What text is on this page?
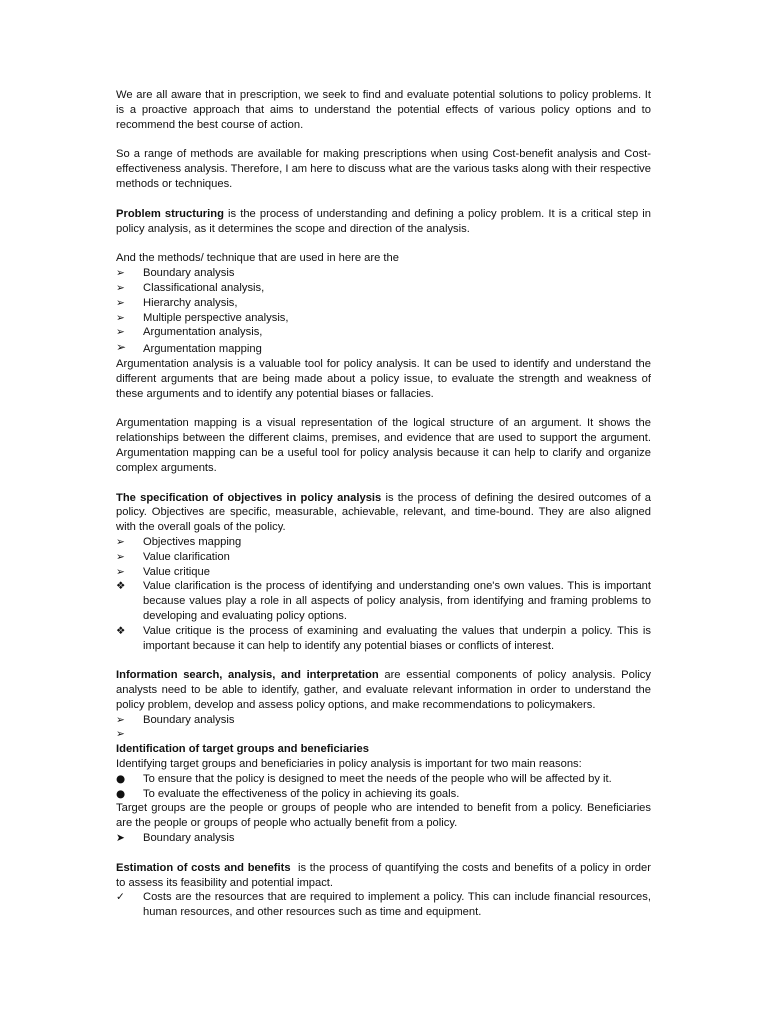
We are all aware that in prescription, we seek to find and evaluate potential solutions to policy problems. It is a proactive approach that aims to understand the potential effects of various policy options and to recommend the best course of action.

So a range of methods are available for making prescriptions when using Cost-benefit analysis and Cost-effectiveness analysis. Therefore, I am here to discuss what are the various tasks along with their respective methods or techniques.

Problem structuring is the process of understanding and defining a policy problem. It is a critical step in policy analysis, as it determines the scope and direction of the analysis.

And the methods/ technique that are used in here are the

➢	Boundary analysis
➢	Classificational analysis,
➢	Hierarchy analysis,
➢	Multiple perspective analysis,
➢	Argumentation analysis,
➢	Argumentation mapping

Argumentation analysis is a valuable tool for policy analysis. It can be used to identify and understand the different arguments that are being made about a policy issue, to evaluate the strength and weakness of these arguments and to identify any potential biases or fallacies.

Argumentation mapping is a visual representation of the logical structure of an argument. It shows the relationships between the different claims, premises, and evidence that are used to support the argument. Argumentation mapping can be a useful tool for policy analysis because it can help to clarify and organize complex arguments.

The specification of objectives in policy analysis is the process of defining the desired outcomes of a policy. Objectives are specific, measurable, achievable, relevant, and time-bound. They are also aligned with the overall goals of the policy.

➢	Objectives mapping
➢	Value clarification
➢	Value critique
❖	Value clarification is the process of identifying and understanding one's own values. This is important because values play a role in all aspects of policy analysis, from identifying and framing problems to developing and evaluating policy options.
❖	Value critique is the process of examining and evaluating the values that underpin a policy. This is important because it can help to identify any potential biases or conflicts of interest.

Information search, analysis, and interpretation are essential components of policy analysis. Policy analysts need to be able to identify, gather, and evaluate relevant information in order to understand the policy problem, develop and assess policy options, and make recommendations to policymakers.

➢	Boundary analysis
➢

Identification of target groups and beneficiaries

Identifying target groups and beneficiaries in policy analysis is important for two main reasons:

●	To ensure that the policy is designed to meet the needs of the people who will be affected by it.
●	To evaluate the effectiveness of the policy in achieving its goals.

Target groups are the people or groups of people who are intended to benefit from a policy. Beneficiaries are the people or groups of people who actually benefit from a policy.

➤	Boundary analysis

Estimation of costs and benefits  is the process of quantifying the costs and benefits of a policy in order to assess its feasibility and potential impact.

✓	Costs are the resources that are required to implement a policy. This can include financial resources, human resources, and other resources such as time and equipment.
